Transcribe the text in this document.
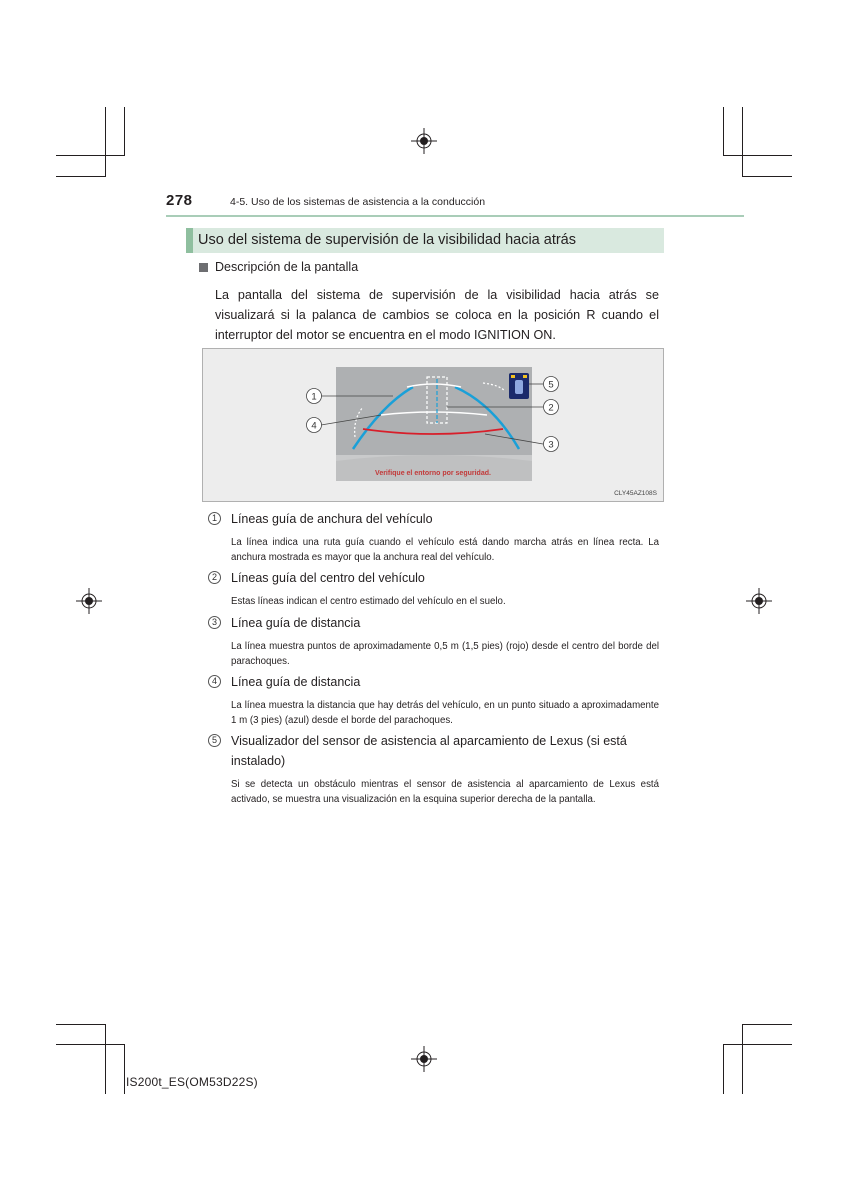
278	4-5. Uso de los sistemas de asistencia a la conducción
Uso del sistema de supervisión de la visibilidad hacia atrás
Descripción de la pantalla
La pantalla del sistema de supervisión de la visibilidad hacia atrás se visualizará si la palanca de cambios se coloca en la posición R cuando el interruptor del motor se encuentra en el modo IGNITION ON.
Verifique el entorno por seguridad.
1
4
5
2
3
CLY45AZ108S
1	Líneas guía de anchura del vehículo
La línea indica una ruta guía cuando el vehículo está dando marcha atrás en línea recta. La anchura mostrada es mayor que la anchura real del vehículo.
2	Líneas guía del centro del vehículo
Estas líneas indican el centro estimado del vehículo en el suelo.
3	Línea guía de distancia
La línea muestra puntos de aproximadamente 0,5 m (1,5 pies) (rojo) desde el centro del borde del parachoques.
4	Línea guía de distancia
La línea muestra la distancia que hay detrás del vehículo, en un punto situado a aproximadamente 1 m (3 pies) (azul) desde el borde del parachoques.
5	Visualizador del sensor de asistencia al aparcamiento de Lexus (si está instalado)
Si se detecta un obstáculo mientras el sensor de asistencia al aparcamiento de Lexus está activado, se muestra una visualización en la esquina superior derecha de la pantalla.
IS200t_ES(OM53D22S)
